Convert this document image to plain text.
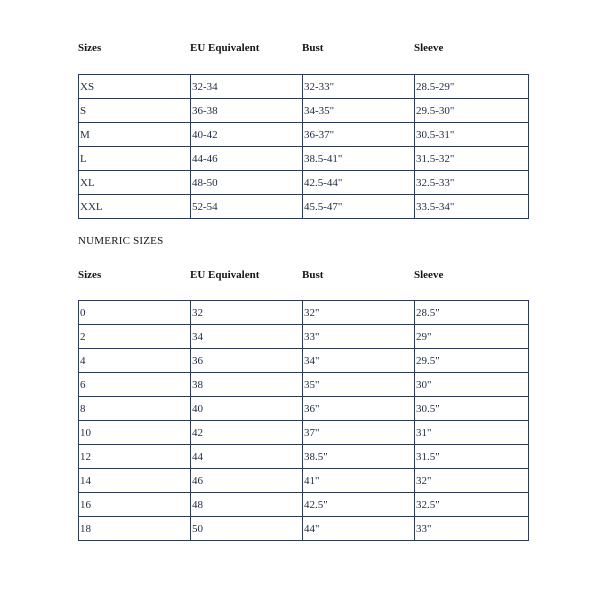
Sizes	EU Equivalent	Bust	Sleeve
XS	32-34	32-33"	28.5-29"
S	36-38	34-35"	29.5-30"
M	40-42	36-37"	30.5-31"
L	44-46	38.5-41"	31.5-32"
XL	48-50	42.5-44"	32.5-33"
XXL	52-54	45.5-47"	33.5-34"
NUMERIC SIZES
Sizes	EU Equivalent	Bust	Sleeve
0	32	32"	28.5"
2	34	33"	29"
4	36	34"	29.5"
6	38	35"	30"
8	40	36"	30.5"
10	42	37"	31"
12	44	38.5"	31.5"
14	46	41"	32"
16	48	42.5"	32.5"
18	50	44"	33"
